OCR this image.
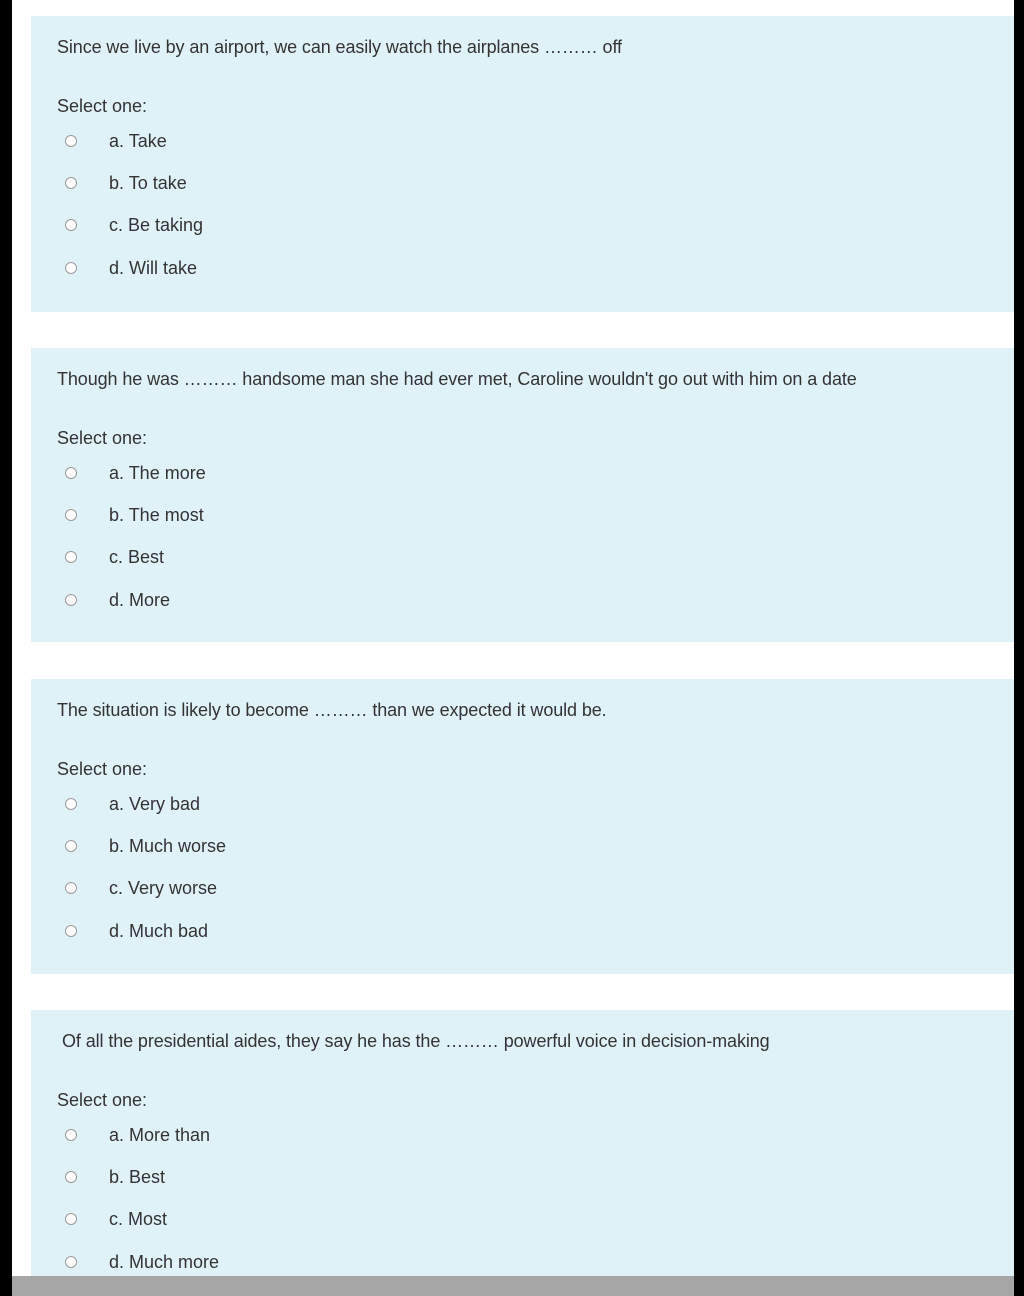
Since we live by an airport, we can easily watch the airplanes ……… off
Select one:
a. Take
b. To take
c. Be taking
d. Will take
Though he was ……… handsome man she had ever met, Caroline wouldn't go out with him on a date
Select one:
a. The more
b. The most
c. Best
d. More
The situation is likely to become ……… than we expected it would be.
Select one:
a. Very bad
b. Much worse
c. Very worse
d. Much bad
Of all the presidential aides, they say he has the ……… powerful voice in decision-making
Select one:
a. More than
b. Best
c. Most
d. Much more
